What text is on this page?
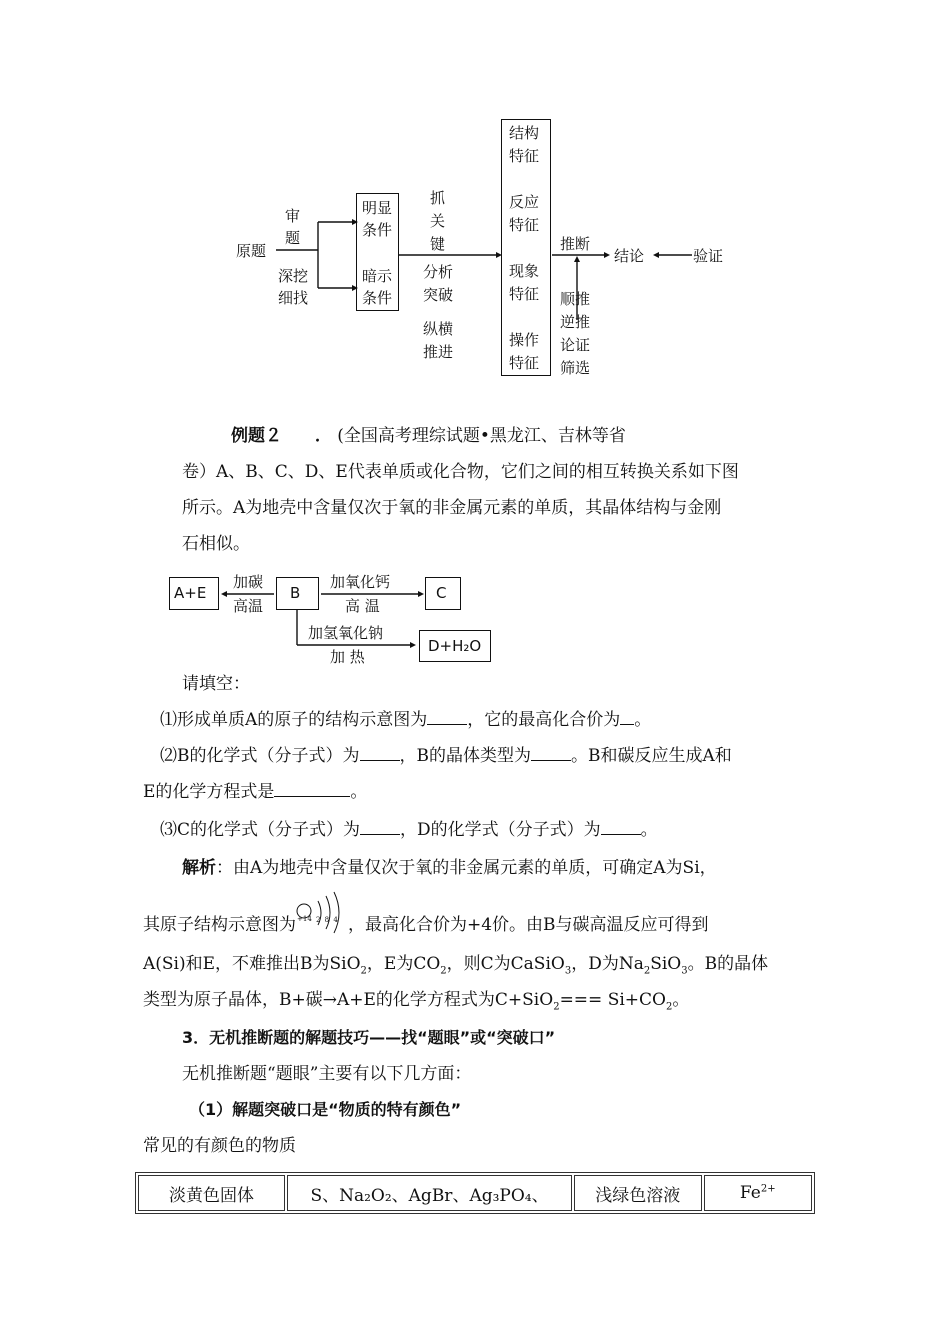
原题
审
题
深挖
细找
明显
条件
暗示
条件
抓
关
键
分析
突破
纵横
推进
结构
特征
反应
特征
现象
特征
操作
特征
推断
结论	验证
顺推
逆推
论证
筛选
例题２ ． (全国高考理综试题•黑龙江、吉林等省
卷）A、B、C、D、E代表单质或化合物，它们之间的相互转换关系如下图
所示。A为地壳中含量仅次于氧的非金属元素的单质，其晶体结构与金刚
石相似。
A+E	B	C
D+H₂O
加碳
高温
加氧化钙
高 温
加氢氧化钠
加 热
请填空：
⑴形成单质A的原子的结构示意图为 ，它的最高化合价为 。
⑵B的化学式（分子式）为 ，B的晶体类型为 。B和碳反应生成A和
E的化学方程式是	。
⑶C的化学式（分子式）为 ，D的化学式（分子式）为 。
解析：由A为地壳中含量仅次于氧的非金属元素的单质，可确定A为Si，
其原子结构示意图为 +14 2 8 4 ，最高化合价为+4价。由B与碳高温反应可得到
A(Si)和E，不难推出B为SiO$_2$，E为$CO_2$，则C为CaSiO$_3$，D为$Na_2SiO_3$。B的晶体
类型为原子晶体，B+碳→A+E的化学方程式为$C+SiO_2=== Si+CO_2$。
3．无机推断题的解题技巧——找“题眼”或“突破口”
无机推断题“题眼”主要有以下几方面：
（1）解题突破口是“物质的特有颜色”
常见的有颜色的物质
淡黄色固体	S、Na₂O₂、AgBr、Ag₃PO₄、	浅绿色溶液	$Fe^{2+}$
